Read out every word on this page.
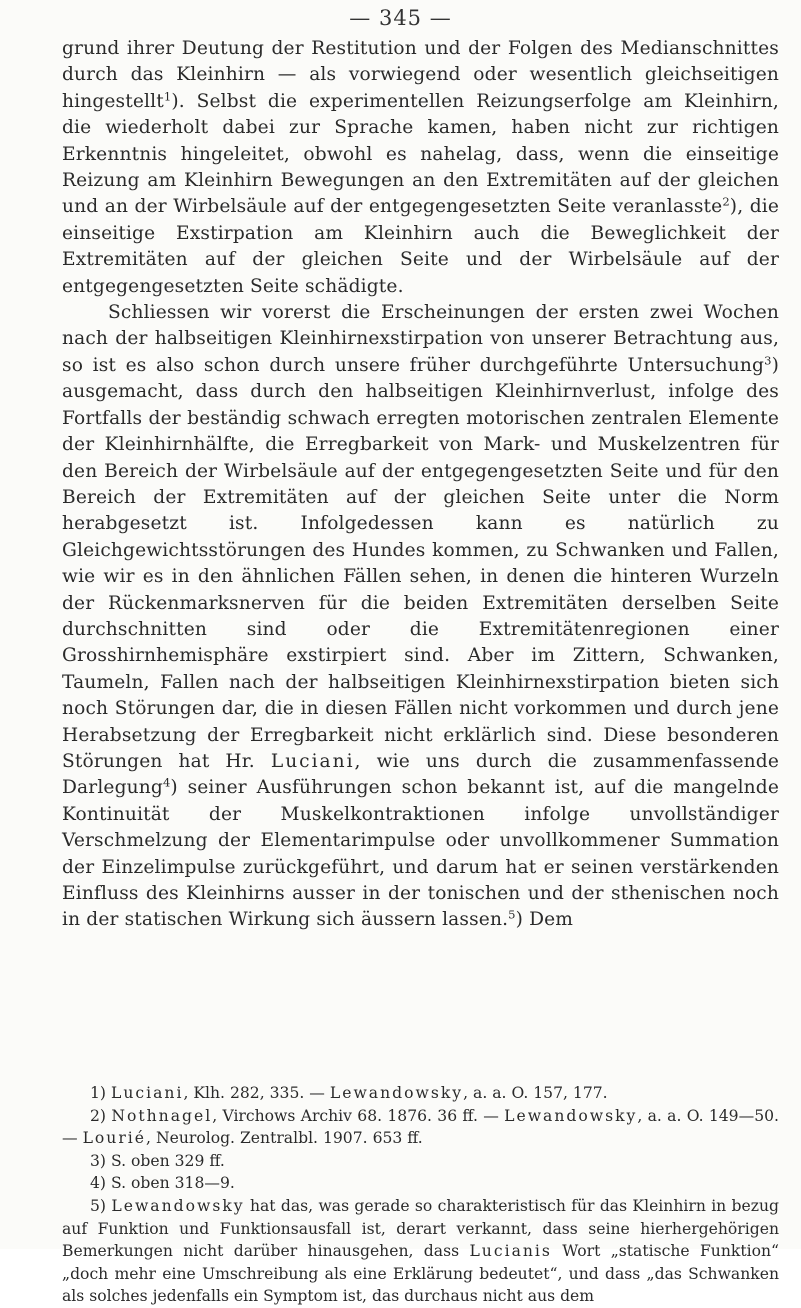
— 345 —

grund ihrer Deutung der Restitution und der Folgen des Medianschnittes durch das Kleinhirn — als vorwiegend oder wesentlich gleichseitigen hingestellt$^1$). Selbst die experimentellen Reizungserfolge am Kleinhirn, die wiederholt dabei zur Sprache kamen, haben nicht zur richtigen Erkenntnis hingeleitet, obwohl es nahelag, dass, wenn die einseitige Reizung am Kleinhirn Bewegungen an den Extremitäten auf der gleichen und an der Wirbelsäule auf der entgegengesetzten Seite veranlasste$^2$), die einseitige Exstirpation am Kleinhirn auch die Beweglichkeit der Extremitäten auf der gleichen Seite und der Wirbelsäule auf der entgegengesetzten Seite schädigte.

Schliessen wir vorerst die Erscheinungen der ersten zwei Wochen nach der halbseitigen Kleinhirnexstirpation von unserer Betrachtung aus, so ist es also schon durch unsere früher durchgeführte Untersuchung$^3$) ausgemacht, dass durch den halbseitigen Kleinhirnverlust, infolge des Fortfalls der beständig schwach erregten motorischen zentralen Elemente der Kleinhirnhälfte, die Erregbarkeit von Mark- und Muskelzentren für den Bereich der Wirbelsäule auf der entgegengesetzten Seite und für den Bereich der Extremitäten auf der gleichen Seite unter die Norm herabgesetzt ist. Infolgedessen kann es natürlich zu Gleichgewichtsstörungen des Hundes kommen, zu Schwanken und Fallen, wie wir es in den ähnlichen Fällen sehen, in denen die hinteren Wurzeln der Rückenmarksnerven für die beiden Extremitäten derselben Seite durchschnitten sind oder die Extremitätenregionen einer Grosshirnhemisphäre exstirpiert sind. Aber im Zittern, Schwanken, Taumeln, Fallen nach der halbseitigen Kleinhirnexstirpation bieten sich noch Störungen dar, die in diesen Fällen nicht vorkommen und durch jene Herabsetzung der Erregbarkeit nicht erklärlich sind. Diese besonderen Störungen hat Hr. Luciani, wie uns durch die zusammenfassende Darlegung$^4$) seiner Ausführungen schon bekannt ist, auf die mangelnde Kontinuität der Muskelkontraktionen infolge unvollständiger Verschmelzung der Elementarimpulse oder unvollkommener Summation der Einzelimpulse zurückgeführt, und darum hat er seinen verstärkenden Einfluss des Kleinhirns ausser in der tonischen und der sthenischen noch in der statischen Wirkung sich äussern lassen.$^5$) Dem

1) Luciani, Klh. 282, 335. — Lewandowsky, a. a. O. 157, 177.

2) Nothnagel, Virchows Archiv 68. 1876. 36 ff. — Lewandowsky, a. a. O. 149—50. — Lourié, Neurolog. Zentralbl. 1907. 653 ff.

3) S. oben 329 ff.

4) S. oben 318—9.

5) Lewandowsky hat das, was gerade so charakteristisch für das Kleinhirn in bezug auf Funktion und Funktionsausfall ist, derart verkannt, dass seine hierhergehörigen Bemerkungen nicht darüber hinausgehen, dass Lucianis Wort „statische Funktion“ „doch mehr eine Umschreibung als eine Erklärung bedeutet“, und dass „das Schwanken als solches jedenfalls ein Symptom ist, das durchaus nicht aus dem
